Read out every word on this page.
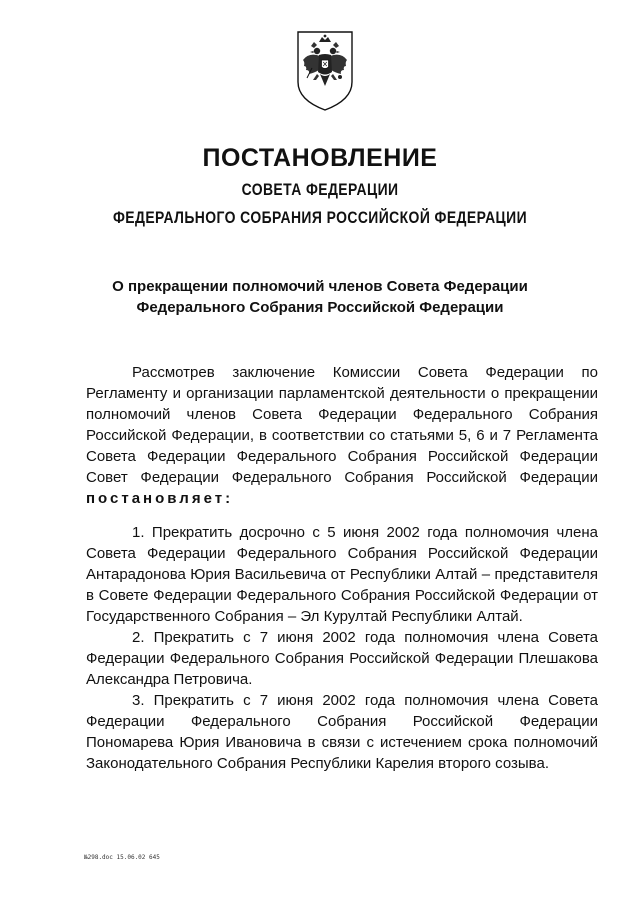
ПОСТАНОВЛЕНИЕ
СОВЕТА ФЕДЕРАЦИИ
ФЕДЕРАЛЬНОГО СОБРАНИЯ РОССИЙСКОЙ ФЕДЕРАЦИИ
О прекращении полномочий членов Совета Федерации
Федерального Собрания Российской Федерации

Рассмотрев заключение Комиссии Совета Федерации по Регламенту и организации парламентской деятельности о прекращении полномочий членов Совета Федерации Федерального Собрания Российской Федерации, в соответствии со статьями 5, 6 и 7 Регламента Совета Федерации Федерального Собрания Российской Федерации Совет Федерации Федерального Собрания Российской Федерации постановляет:

1. Прекратить досрочно с 5 июня 2002 года полномочия члена Совета Федерации Федерального Собрания Российской Федерации Антарадонова Юрия Васильевича от Республики Алтай – представителя в Совете Федерации Федерального Собрания Российской Федерации от Государственного Собрания – Эл Курултай Республики Алтай.

2. Прекратить с 7 июня 2002 года полномочия члена Совета Федерации Федерального Собрания Российской Федерации Плешакова Александра Петровича.

3. Прекратить с 7 июня 2002 года полномочия члена Совета Федерации Федерального Собрания Российской Федерации Пономарева Юрия Ивановича в связи с истечением срока полномочий Законодательного Собрания Республики Карелия второго созыва.

№298.doc 15.06.02 645
